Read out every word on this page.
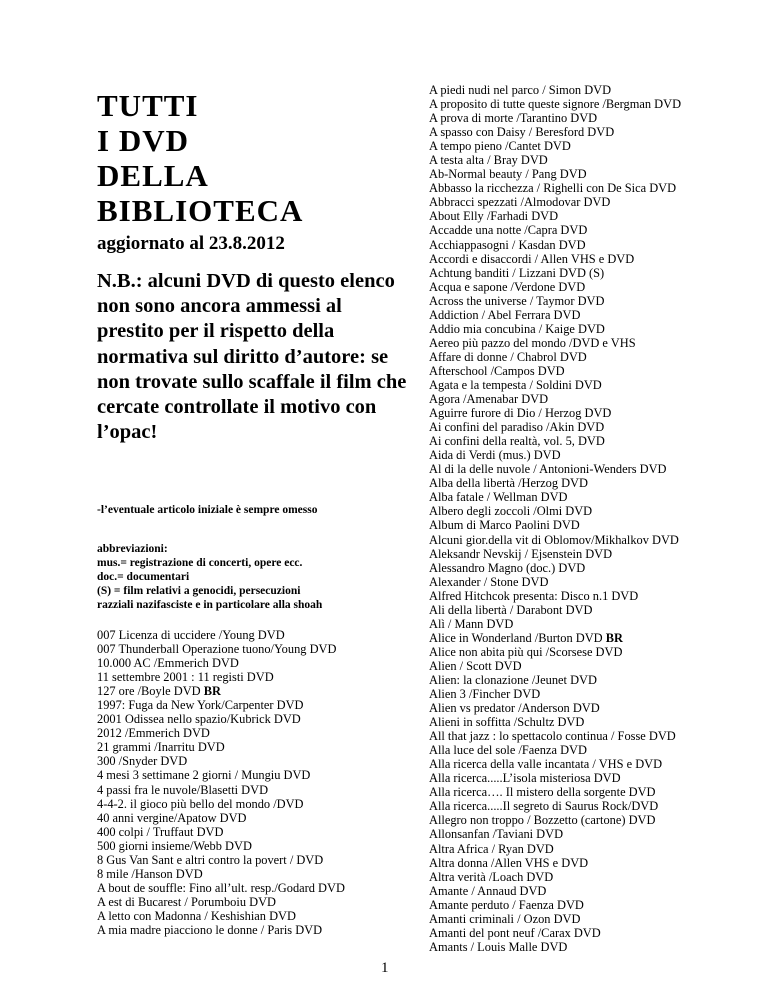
TUTTI
I DVD
DELLA
BIBLIOTECA
aggiornato al 23.8.2012
N.B.: alcuni DVD di questo elenco non sono ancora ammessi al prestito per il rispetto della normativa sul diritto d’autore: se non trovate sullo scaffale il film che cercate controllate il motivo con l’opac!
-l’eventuale articolo iniziale è sempre omesso
abbreviazioni:
mus.= registrazione di concerti, opere ecc.
doc.= documentari
(S) = film relativi a genocidi, persecuzioni
razziali nazifasciste e in particolare alla shoah
007 Licenza di uccidere /Young DVD
007 Thunderball Operazione tuono/Young DVD
10.000 AC /Emmerich DVD
11 settembre 2001 : 11 registi DVD
127 ore /Boyle DVD BR
1997: Fuga da New York/Carpenter DVD
2001 Odissea nello spazio/Kubrick DVD
2012 /Emmerich DVD
21 grammi /Inarritu DVD
300 /Snyder DVD
4 mesi 3 settimane 2 giorni / Mungiu DVD
4 passi fra le nuvole/Blasetti DVD
4-4-2. il gioco più bello del mondo /DVD
40 anni vergine/Apatow DVD
400 colpi / Truffaut DVD
500 giorni insieme/Webb DVD
8 Gus Van Sant e altri contro la povert / DVD
8 mile /Hanson DVD
A bout de souffle: Fino all’ult. resp./Godard DVD
A est di Bucarest / Porumboiu DVD
A letto con Madonna / Keshishian DVD
A mia madre piacciono le donne / Paris DVD
A piedi nudi nel parco / Simon DVD
A proposito di tutte queste signore /Bergman DVD
A prova di morte /Tarantino DVD
A spasso con Daisy / Beresford DVD
A tempo pieno /Cantet DVD
A testa alta / Bray DVD
Ab-Normal beauty / Pang DVD
Abbasso la ricchezza / Righelli con De Sica DVD
Abbracci spezzati /Almodovar DVD
About Elly /Farhadi DVD
Accadde una notte /Capra DVD
Acchiappasogni / Kasdan DVD
Accordi e disaccordi / Allen VHS e DVD
Achtung banditi / Lizzani DVD (S)
Acqua e sapone /Verdone DVD
Across the universe / Taymor DVD
Addiction / Abel Ferrara DVD
Addio mia concubina / Kaige DVD
Aereo più pazzo del mondo /DVD e VHS
Affare di donne / Chabrol DVD
Afterschool /Campos DVD
Agata e la tempesta / Soldini DVD
Agora /Amenabar DVD
Aguirre furore di Dio / Herzog DVD
Ai confini del paradiso /Akin DVD
Ai confini della realtà, vol. 5, DVD
Aida di Verdi (mus.) DVD
Al di la delle nuvole / Antonioni-Wenders DVD
Alba della libertà /Herzog DVD
Alba fatale / Wellman DVD
Albero degli zoccoli /Olmi DVD
Album di Marco Paolini DVD
Alcuni gior.della vit di Oblomov/Mikhalkov DVD
Aleksandr Nevskij / Ejsenstein DVD
Alessandro Magno (doc.) DVD
Alexander / Stone DVD
Alfred Hitchcok presenta: Disco n.1 DVD
Ali della libertà / Darabont DVD
Alì / Mann DVD
Alice in Wonderland /Burton DVD BR
Alice non abita più qui /Scorsese DVD
Alien / Scott DVD
Alien: la clonazione /Jeunet DVD
Alien 3 /Fincher DVD
Alien vs predator /Anderson DVD
Alieni in soffitta /Schultz DVD
All that jazz : lo spettacolo continua / Fosse DVD
Alla luce del sole /Faenza DVD
Alla ricerca della valle incantata / VHS e DVD
Alla ricerca.....L’isola misteriosa DVD
Alla ricerca…. Il mistero della sorgente DVD
Alla ricerca.....Il segreto di Saurus Rock/DVD
Allegro non troppo / Bozzetto (cartone) DVD
Allonsanfan /Taviani DVD
Altra Africa / Ryan DVD
Altra donna /Allen VHS e DVD
Altra verità /Loach DVD
Amante / Annaud DVD
Amante perduto / Faenza DVD
Amanti criminali / Ozon DVD
Amanti del pont neuf /Carax DVD
Amants / Louis Malle DVD
1
